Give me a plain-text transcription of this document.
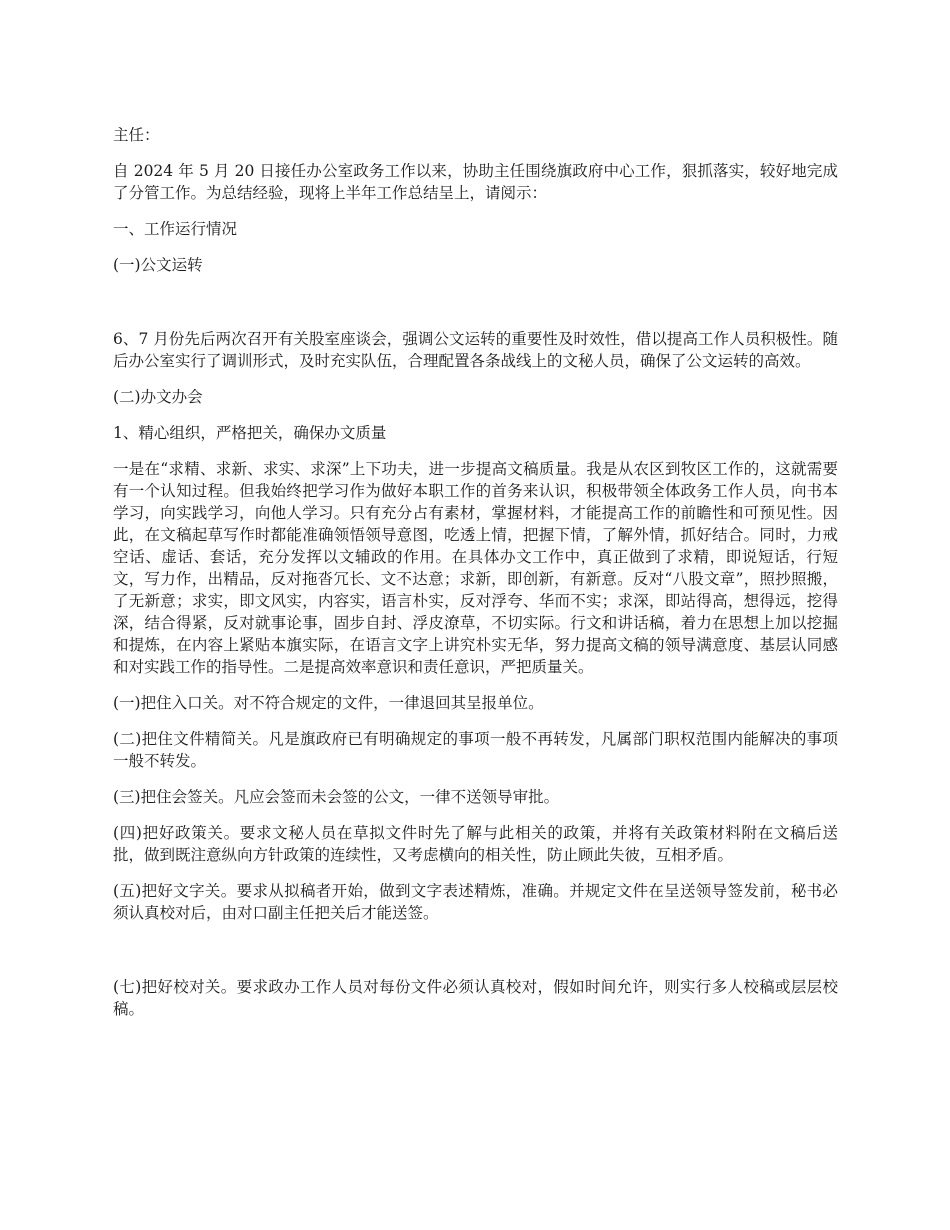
主任：

自 2024 年 5 月 20 日接任办公室政务工作以来，协助主任围绕旗政府中心工作，狠抓落实，较好地完成了分管工作。为总结经验，现将上半年工作总结呈上，请阅示：

一、工作运行情况

(一)公文运转

6、7 月份先后两次召开有关股室座谈会，强调公文运转的重要性及时效性，借以提高工作人员积极性。随后办公室实行了调训形式，及时充实队伍，合理配置各条战线上的文秘人员，确保了公文运转的高效。

(二)办文办会

1、精心组织，严格把关，确保办文质量

一是在“求精、求新、求实、求深”上下功夫，进一步提高文稿质量。我是从农区到牧区工作的，这就需要有一个认知过程。但我始终把学习作为做好本职工作的首务来认识，积极带领全体政务工作人员，向书本学习，向实践学习，向他人学习。只有充分占有素材，掌握材料，才能提高工作的前瞻性和可预见性。因此，在文稿起草写作时都能准确领悟领导意图，吃透上情，把握下情，了解外情，抓好结合。同时，力戒空话、虚话、套话，充分发挥以文辅政的作用。在具体办文工作中，真正做到了求精，即说短话，行短文，写力作，出精品，反对拖沓冗长、文不达意；求新，即创新，有新意。反对“八股文章”，照抄照搬，了无新意；求实，即文风实，内容实，语言朴实，反对浮夸、华而不实；求深，即站得高，想得远，挖得深，结合得紧，反对就事论事，固步自封、浮皮潦草，不切实际。行文和讲话稿，着力在思想上加以挖掘和提炼，在内容上紧贴本旗实际，在语言文字上讲究朴实无华，努力提高文稿的领导满意度、基层认同感和对实践工作的指导性。二是提高效率意识和责任意识，严把质量关。

(一)把住入口关。对不符合规定的文件，一律退回其呈报单位。

(二)把住文件精简关。凡是旗政府已有明确规定的事项一般不再转发，凡属部门职权范围内能解决的事项一般不转发。

(三)把住会签关。凡应会签而未会签的公文，一律不送领导审批。

(四)把好政策关。要求文秘人员在草拟文件时先了解与此相关的政策，并将有关政策材料附在文稿后送批，做到既注意纵向方针政策的连续性，又考虑横向的相关性，防止顾此失彼，互相矛盾。

(五)把好文字关。要求从拟稿者开始，做到文字表述精炼，准确。并规定文件在呈送领导签发前，秘书必须认真校对后，由对口副主任把关后才能送签。

(七)把好校对关。要求政办工作人员对每份文件必须认真校对，假如时间允许，则实行多人校稿或层层校稿。
